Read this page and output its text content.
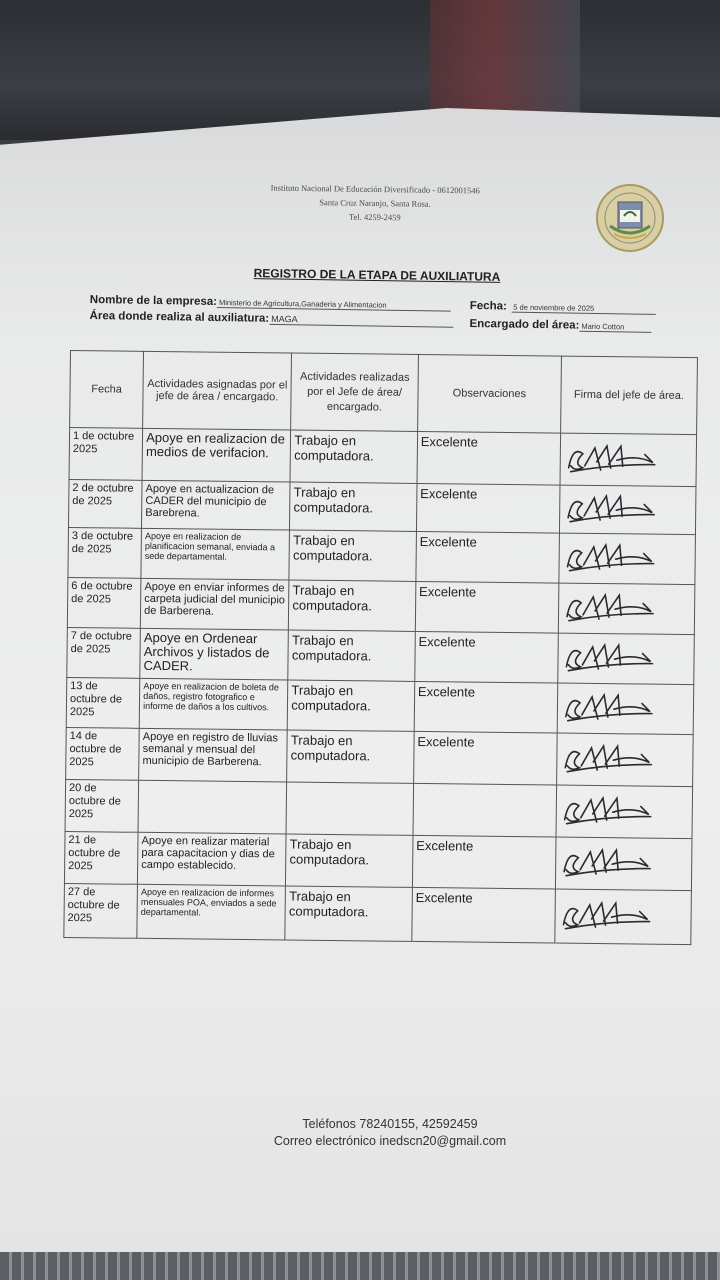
Instituto Nacional De Educación Diversificado - 0612001546
Santa Cruz Naranjo, Santa Rosa.
Tel. 4259-2459
REGISTRO DE LA ETAPA DE AUXILIATURA
Nombre de la empresa: Ministerio de Agricultura,Ganaderia y Alimentacion	Fecha: 5 de noviembre de 2025
Área donde realiza al auxiliatura: MAGA	Encargado del área: Mario Cotton
Fecha	Actividades asignadas por el jefe de área / encargado.	Actividades realizadas por el Jefe de área/ encargado.	Observaciones	Firma del jefe de área.
1 de octubre 2025	Apoye en realizacion de medios de verifacion.	Trabajo en computadora.	Excelente	

2 de octubre de 2025	Apoye en actualizacion de CADER del municipio de Barebrena.	Trabajo en computadora.	Excelente	

3 de octubre de 2025	Apoye en realizacion de planificacion semanal, enviada a sede departamental.	Trabajo en computadora.	Excelente	

6 de octubre de 2025	Apoye en enviar informes de carpeta judicial del municipio de Barberena.	Trabajo en computadora.	Excelente	

7 de octubre de 2025	Apoye en Ordenear Archivos y listados de CADER.	Trabajo en computadora.	Excelente	

13 de octubre de 2025	Apoye en realizacion de boleta de daños, registro fotografico e informe de daños a los cultivos.	Trabajo en computadora.	Excelente	

14 de octubre de 2025	Apoye en registro de lluvias semanal y mensual del municipio de Barberena.	Trabajo en computadora.	Excelente	

20 de octubre de 2025				

21 de octubre de 2025	Apoye en realizar material para capacitacion y dias de campo establecido.	Trabajo en computadora.	Excelente	

27 de octubre de 2025	Apoye en realizacion de informes mensuales POA, enviados a sede departamental.	Trabajo en computadora.	Excelente	
Teléfonos 78240155, 42592459
Correo electrónico inedscn20@gmail.com
